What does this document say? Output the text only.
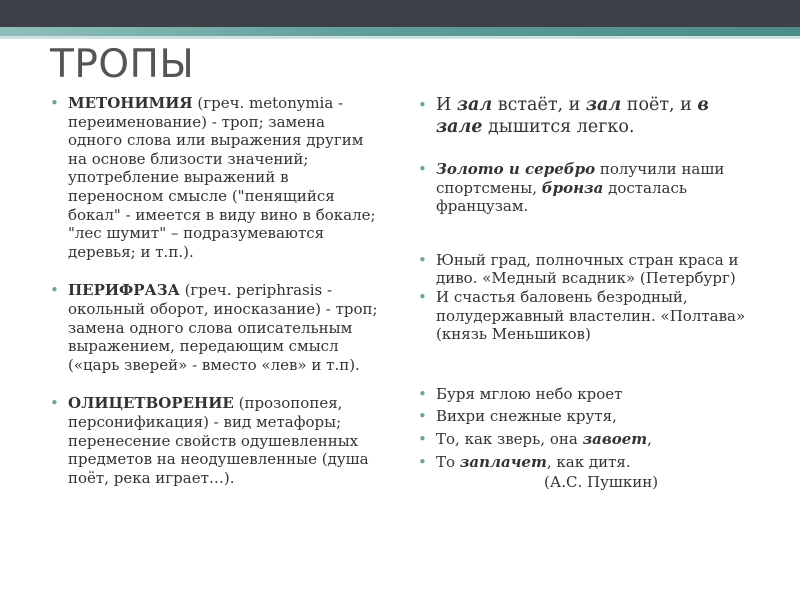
ТРОПЫ
• МЕТОНИМИЯ (греч. metonymia - переименование) - троп; замена одного слова или выражения другим на основе близости значений; употребление выражений в переносном смысле ("пенящийся бокал" - имеется в виду вино в бокале; "лес шумит" – подразумеваются деревья; и т.п.).
• ПЕРИФРАЗА (греч. periphrasis - окольный оборот, иносказание) - троп; замена одного слова описательным выражением, передающим смысл («царь зверей» - вместо «лев» и т.п).
• ОЛИЦЕТВОРЕНИЕ (прозопопея, персонификация) - вид метафоры; перенесение свойств одушевленных предметов на неодушевленные (душа поёт, река играет…).
• И зал встаёт, и зал поёт, и в зале дышится легко.
• Золото и серебро получили наши спортсмены, бронза досталась французам.
• Юный град, полночных стран краса и диво. «Медный всадник» (Петербург)
• И счастья баловень безродный, полудержавный властелин. «Полтава» (князь Меньшиков)
• Буря мглою небо кроет
• Вихри снежные крутя,
• То, как зверь, она завоет,
• То заплачет, как дитя.
(А.С. Пушкин)
